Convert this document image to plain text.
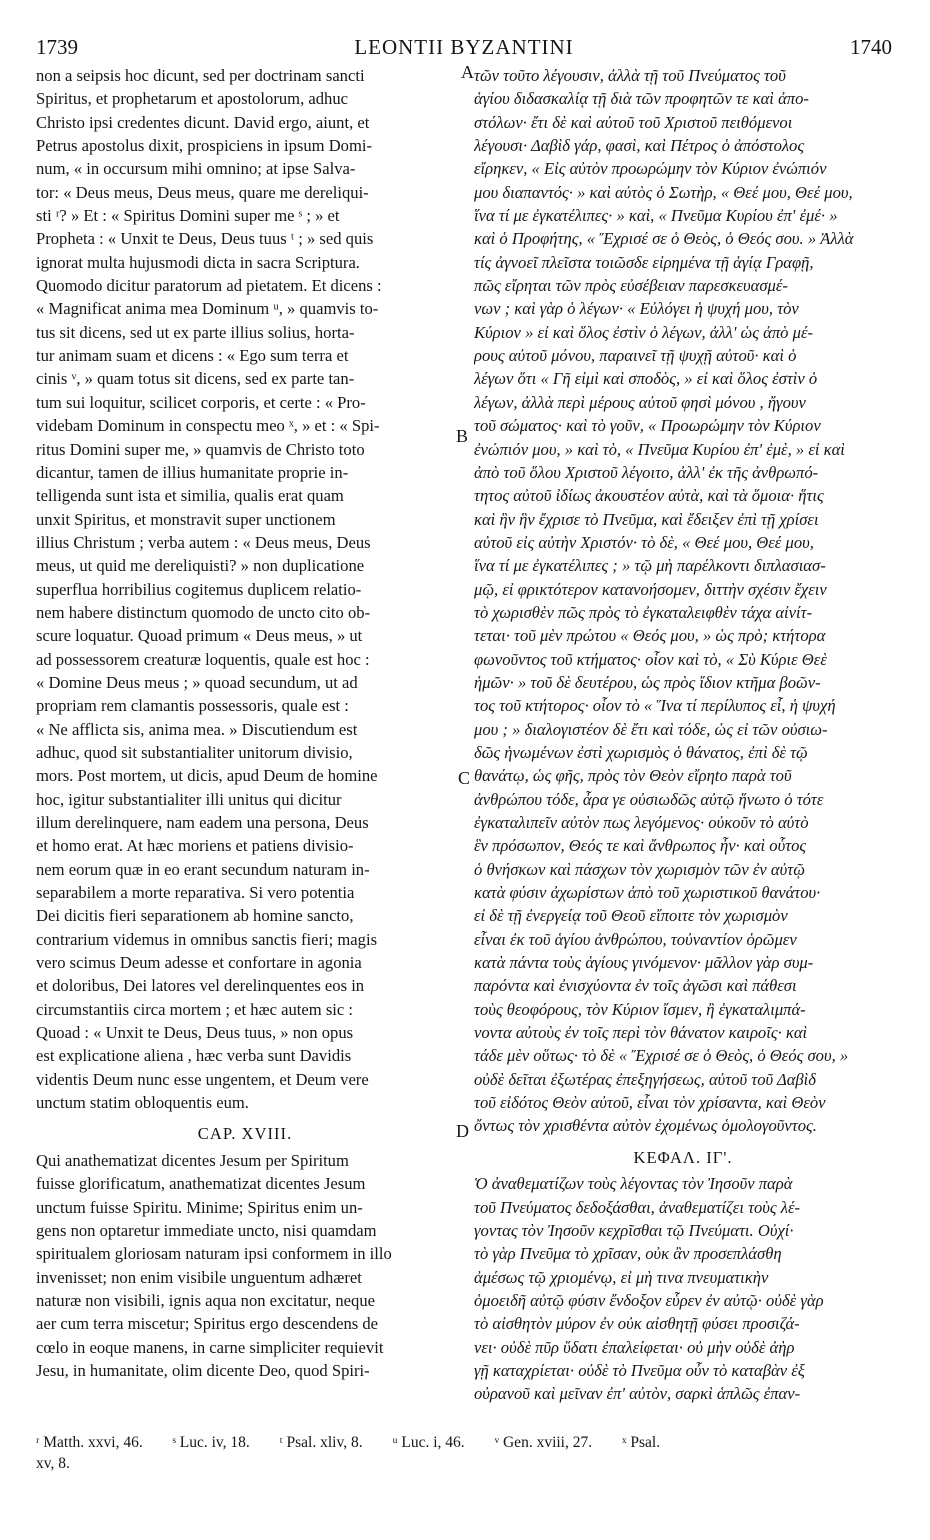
LEONTII BYZANTINI
1739	1740
non a seipsis hoc dicunt, sed per doctrinam sancti
Spiritus, et prophetarum et apostolorum, adhuc
Christo ipsi credentes dicunt. David ergo, aiunt, et
Petrus apostolus dixit, prospiciens in ipsum Domi-
num, « in occursum mihi omnino; at ipse Salva-
tor: « Deus meus, Deus meus, quare me dereliqui-
sti ʳ? » Et : « Spiritus Domini super me ˢ ; » et
Propheta : « Unxit te Deus, Deus tuus ᵗ ; » sed quis
ignorat multa hujusmodi dicta in sacra Scriptura.
Quomodo dicitur paratorum ad pietatem. Et dicens :
« Magnificat anima mea Dominum ᵘ, » quamvis to-
tus sit dicens, sed ut ex parte illius solius, horta-
tur animam suam et dicens : « Ego sum terra et
cinis ᵛ, » quam totus sit dicens, sed ex parte tan-
tum sui loquitur, scilicet corporis, et certe : « Pro-
videbam Dominum in conspectu meo ˣ, » et : « Spi-
ritus Domini super me, » quamvis de Christo toto
dicantur, tamen de illius humanitate proprie in-
telligenda sunt ista et similia, qualis erat quam
unxit Spiritus, et monstravit super unctionem
illius Christum ; verba autem : « Deus meus, Deus
meus, ut quid me dereliquisti? » non duplicatione
superflua horribilius cogitemus duplicem relatio-
nem habere distinctum quomodo de uncto cito ob-
scure loquatur. Quoad primum « Deus meus, » ut
ad possessorem creaturæ loquentis, quale est hoc :
« Domine Deus meus ; » quoad secundum, ut ad
propriam rem clamantis possessoris, quale est :
« Ne afflicta sis, anima mea. » Discutiendum est
adhuc, quod sit substantialiter unitorum divisio,
mors. Post mortem, ut dicis, apud Deum de homine
hoc, igitur substantialiter illi unitus qui dicitur
illum derelinquere, nam eadem una persona, Deus
et homo erat. At hæc moriens et patiens divisio-
nem eorum quæ in eo erant secundum naturam in-
separabilem a morte reparativa. Si vero potentia
Dei dicitis fieri separationem ab homine sancto,
contrarium videmus in omnibus sanctis fieri; magis
vero scimus Deum adesse et confortare in agonia
et doloribus, Dei latores vel derelinquentes eos in
circumstantiis circa mortem ; et hæc autem sic :
Quoad : « Unxit te Deus, Deus tuus, » non opus
est explicatione aliena , hæc verba sunt Davidis
videntis Deum nunc esse ungentem, et Deum vere
unctum statim obloquentis eum.
CAP. XVIII.
Qui anathematizat dicentes Jesum per Spiritum
fuisse glorificatum, anathematizat dicentes Jesum
unctum fuisse Spiritu. Minime; Spiritus enim un-
gens non optaretur immediate uncto, nisi quamdam
spiritualem gloriosam naturam ipsi conformem in illo
invenisset; non enim visibile unguentum adhæret
naturæ non visibili, ignis aqua non excitatur, neque
aer cum terra miscetur; Spiritus ergo descendens de
cœlo in eoque manens, in carne simpliciter requievit
Jesu, in humanitate, olim dicente Deo, quod Spiri-
τῶν τοῦτο λέγουσιν, ἀλλὰ τῇ τοῦ Πνεύματος τοῦ
ἁγίου διδασκαλίᾳ τῇ διὰ τῶν προφητῶν τε καὶ ἀπο-
στόλων· ἔτι δὲ καὶ αὐτοῦ τοῦ Χριστοῦ πειθόμενοι
λέγουσι· Δαβὶδ γάρ, φασὶ, καὶ Πέτρος ὁ ἀπόστολος
εἴρηκεν, « Εἰς αὐτὸν προωρώμην τὸν Κύριον ἐνώπιόν
μου διαπαντός· » καὶ αὐτὸς ὁ Σωτὴρ, « Θεέ μου, Θεέ μου,
ἵνα τί με ἐγκατέλιπες· » καὶ, « Πνεῦμα Κυρίου ἐπ' ἐμέ· »
καὶ ὁ Προφήτης, « Ἔχρισέ σε ὁ Θεὸς, ὁ Θεός σου. » Ἀλλὰ
τίς ἀγνοεῖ πλεῖστα τοιῶσδε εἰρημένα τῇ ἁγίᾳ Γραφῇ,
πῶς εἴρηται τῶν πρὸς εὐσέβειαν παρεσκευασμέ-
νων ; καὶ γὰρ ὁ λέγων· « Εὐλόγει ἡ ψυχή μου, τὸν
Κύριον » εἰ καὶ ὅλος ἐστὶν ὁ λέγων, ἀλλ' ὡς ἀπὸ μέ-
ρους αὐτοῦ μόνου, παραινεῖ τῇ ψυχῇ αὐτοῦ· καὶ ὁ
λέγων ὅτι « Γῆ εἰμὶ καὶ σποδὸς, » εἰ καὶ ὅλος ἐστὶν ὁ
λέγων, ἀλλὰ περὶ μέρους αὐτοῦ φησὶ μόνου , ἤγουν
τοῦ σώματος· καὶ τὸ γοῦν, « Προωρώμην τὸν Κύριον
ἐνώπιόν μου, » καὶ τὸ, « Πνεῦμα Κυρίου ἐπ' ἐμὲ, » εἰ καὶ
ἀπὸ τοῦ ὅλου Χριστοῦ λέγοιτο, ἀλλ' ἐκ τῆς ἀνθρωπό-
τητος αὐτοῦ ἰδίως ἀκουστέον αὐτὰ, καὶ τὰ ὅμοια· ἥτις
καὶ ἣν ἣν ἔχρισε τὸ Πνεῦμα, καὶ ἔδειξεν ἐπὶ τῇ χρίσει
αὐτοῦ εἰς αὐτὴν Χριστόν· τὸ δὲ, « Θεέ μου, Θεέ μου,
ἵνα τί με ἐγκατέλιπες ; » τῷ μὴ παρέλκοντι διπλασιασ-
μῷ, εἰ φρικτότερον κατανοήσομεν, διττὴν σχέσιν ἔχειν
τὸ χωρισθὲν πῶς πρὸς τὸ ἐγκαταλειφθὲν τάχα αἰνίτ-
τεται· τοῦ μὲν πρώτου « Θεός μου, » ὡς πρὸ; κτήτορα
φωνοῦντος τοῦ κτήματος· οἷον καὶ τὸ, « Σὺ Κύριε Θεὲ
ἡμῶν· » τοῦ δὲ δευτέρου, ὡς πρὸς ἴδιον κτῆμα βοῶν-
τος τοῦ κτήτορος· οἷον τὸ « Ἵνα τί περίλυπος εἶ, ἡ ψυχή
μου ; » διαλογιστέον δὲ ἔτι καὶ τόδε, ὡς εἰ τῶν οὐσιω-
δῶς ἡνωμένων ἐστὶ χωρισμὸς ὁ θάνατος, ἐπὶ δὲ τῷ
θανάτῳ, ὡς φῆς, πρὸς τὸν Θεὸν εἴρηto παρὰ τοῦ
ἀνθρώπου τόδε, ἆρα γε οὐσιωδῶς αὐτῷ ἥνωτο ὁ τότε
ἐγκαταλιπεῖν αὐτὸν πως λεγόμενος· οὐκοῦν τὸ αὐτὸ
ἓν πρόσωπον, Θεός τε καὶ ἄνθρωπος ἦν· καὶ οὗτος
ὁ θνήσκων καὶ πάσχων τὸν χωρισμὸν τῶν ἐν αὐτῷ
κατὰ φύσιν ἀχωρίστων ἀπὸ τοῦ χωριστικοῦ θανάτου·
εἰ δὲ τῇ ἐνεργείᾳ τοῦ Θεοῦ εἴποιτε τὸν χωρισμὸν
εἶναι ἐκ τοῦ ἁγίου ἀνθρώπου, τοὐναντίον ὁρῶμεν
κατὰ πάντα τοὺς ἁγίους γινόμενον· μᾶλλον γὰρ συμ-
παρόντα καὶ ἐνισχύοντα ἐν τοῖς ἀγῶσι καὶ πάθεσι
τοὺς θεοφόρους, τὸν Κύριον ἴσμεν, ἢ ἐγκαταλιμπά-
νοντα αὐτοὺς ἐν τοῖς περὶ τὸν θάνατον καιροῖς· καὶ
τάδε μὲν οὕτως· τὸ δὲ « Ἔχρισέ σε ὁ Θεὸς, ὁ Θεός σου, »
οὐδὲ δεῖται ἐξωτέρας ἐπεξηγήσεως, αὐτοῦ τοῦ Δαβὶδ
τοῦ εἰδότος Θεὸν αὐτοῦ, εἶναι τὸν χρίσαντα, καὶ Θεὸν
ὄντως τὸν χρισθέντα αὐτὸν ἐχομένως ὁμολογοῦντος.
ΚΕΦΑΛ. ΙΓ'.
Ὁ ἀναθεματίζων τοὺς λέγοντας τὸν Ἰησοῦν παρὰ
τοῦ Πνεύματος δεδοξάσθαι, ἀναθεματίζει τοὺς λέ-
γοντας τὸν Ἰησοῦν κεχρῖσθαι τῷ Πνεύματι. Οὐχί·
τὸ γὰρ Πνεῦμα τὸ χρῖσαν, οὐκ ἂν προσεπλάσθη
ἀμέσως τῷ χριομένῳ, εἰ μὴ τινα πνευματικὴν
ὁμοειδῆ αὐτῷ φύσιν ἔνδοξον εὗρεν ἐν αὐτῷ· οὐδὲ γὰρ
τὸ αἰσθητὸν μύρον ἐν οὐκ αἰσθητῇ φύσει προσιζά-
νει· οὐδὲ πῦρ ὕδατι ἐπαλείφεται· οὐ μὴν οὐδὲ ἀὴρ
γῇ καταχρίεται· οὐδὲ τὸ Πνεῦμα οὖν τὸ καταβὰν ἐξ
οὐρανοῦ καὶ μεῖναν ἐπ' αὐτὸν, σαρκὶ ἁπλῶς ἐπαν-
A
B
C
D
ʳ Matth. xxvi, 46. ˢ Luc. iv, 18. ᵗ Psal. xliv, 8. ᵘ Luc. i, 46. ᵛ Gen. xviii, 27. ˣ Psal.
xv, 8.
